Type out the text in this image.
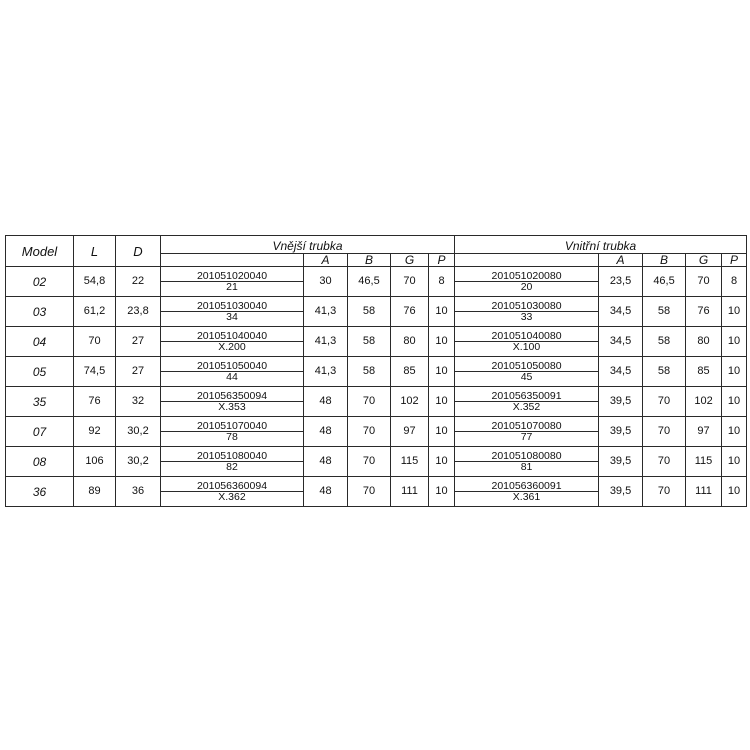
Model	L	D	Vnější trubka					Vnitřní trubka				
				A	B	G	P		A	B	G	P
02	54,8	22	201051020040	30	46,5	70	8	201051020080	23,5	46,5	70	8
			21					20				
03	61,2	23,8	201051030040	41,3	58	76	10	201051030080	34,5	58	76	10
			34					33				
04	70	27	201051040040	41,3	58	80	10	201051040080	34,5	58	80	10
			X.200					X.100				
05	74,5	27	201051050040	41,3	58	85	10	201051050080	34,5	58	85	10
			44					45				
35	76	32	201056350094	48	70	102	10	201056350091	39,5	70	102	10
			X.353					X.352				
07	92	30,2	201051070040	48	70	97	10	201051070080	39,5	70	97	10
			78					77				
08	106	30,2	201051080040	48	70	115	10	201051080080	39,5	70	115	10
			82					81				
36	89	36	201056360094	48	70	111	10	201056360091	39,5	70	111	10
			X.362					X.361				
